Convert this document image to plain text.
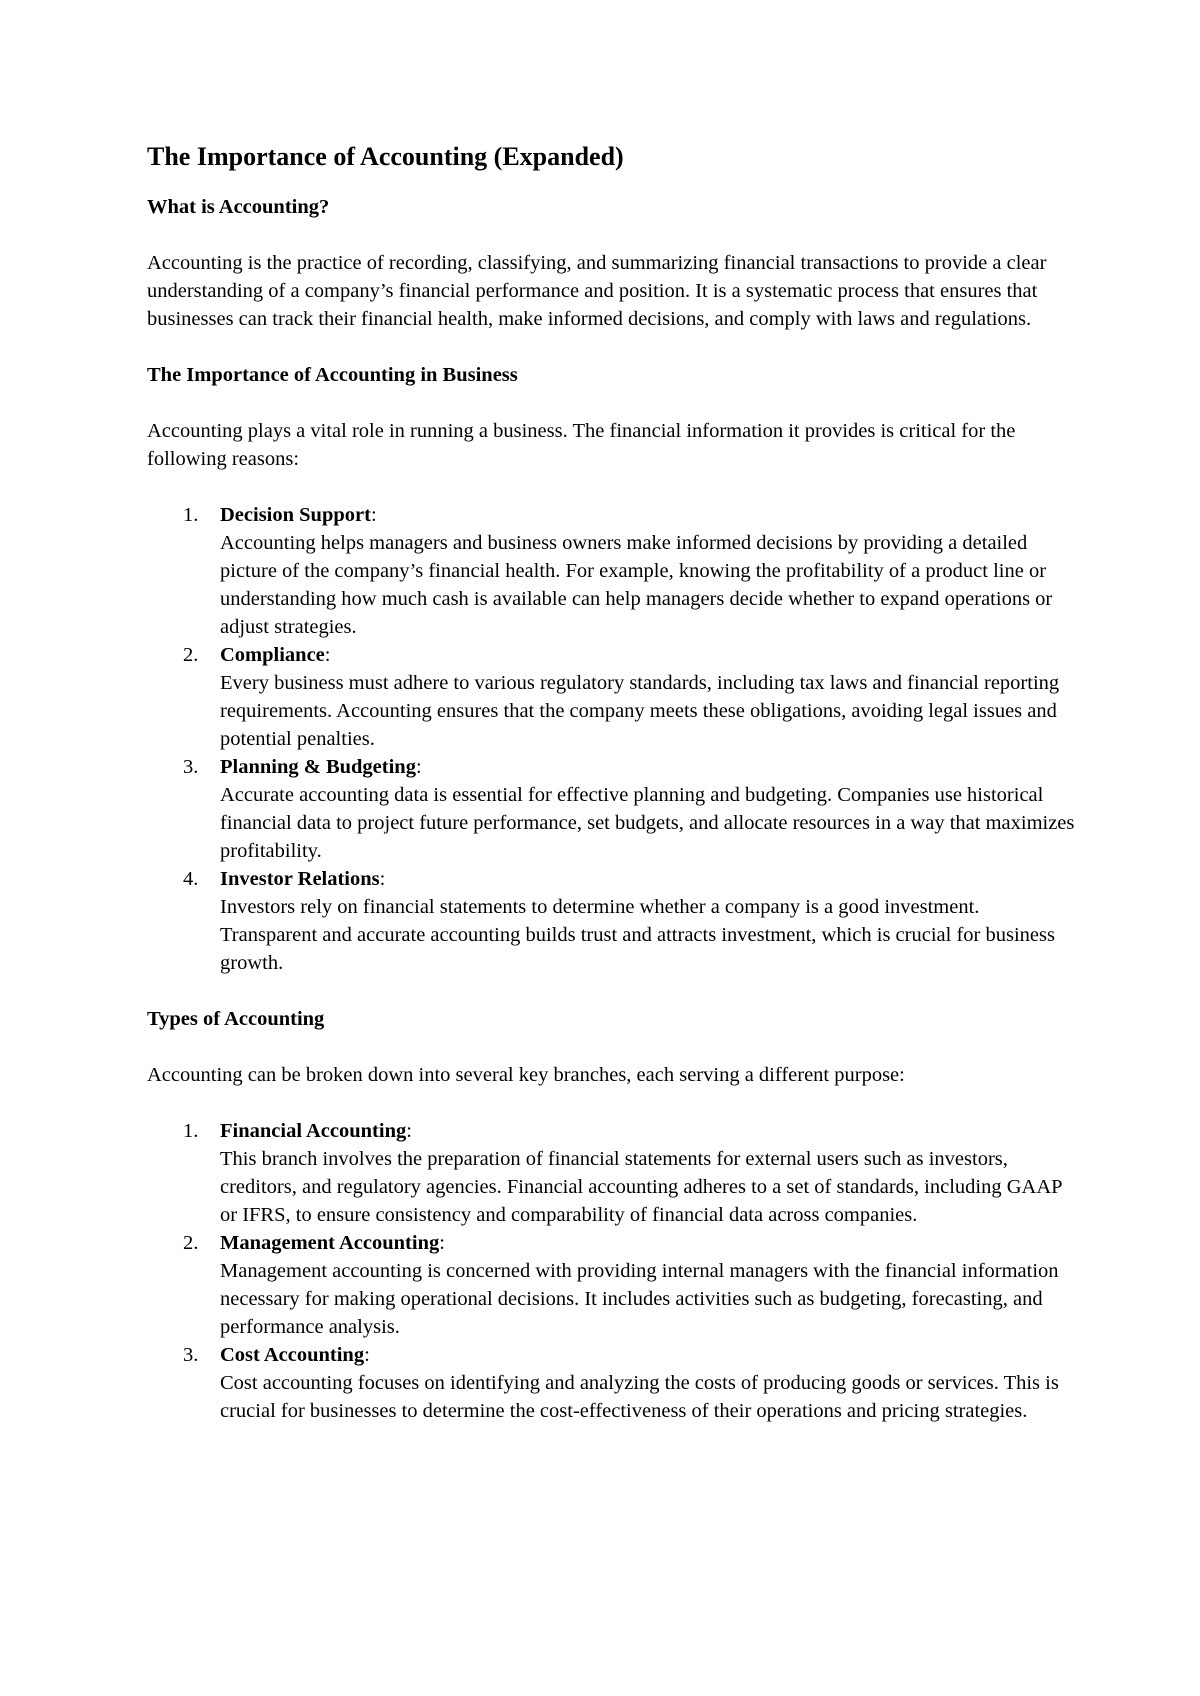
The Importance of Accounting (Expanded)
What is Accounting?

Accounting is the practice of recording, classifying, and summarizing financial transactions to provide a clear understanding of a company’s financial performance and position. It is a systematic process that ensures that businesses can track their financial health, make informed decisions, and comply with laws and regulations.

The Importance of Accounting in Business

Accounting plays a vital role in running a business. The financial information it provides is critical for the following reasons:

1. Decision Support:
Accounting helps managers and business owners make informed decisions by providing a detailed picture of the company’s financial health. For example, knowing the profitability of a product line or understanding how much cash is available can help managers decide whether to expand operations or adjust strategies.
2. Compliance:
Every business must adhere to various regulatory standards, including tax laws and financial reporting requirements. Accounting ensures that the company meets these obligations, avoiding legal issues and potential penalties.
3. Planning & Budgeting:
Accurate accounting data is essential for effective planning and budgeting. Companies use historical financial data to project future performance, set budgets, and allocate resources in a way that maximizes profitability.
4. Investor Relations:
Investors rely on financial statements to determine whether a company is a good investment. Transparent and accurate accounting builds trust and attracts investment, which is crucial for business growth.
Types of Accounting

Accounting can be broken down into several key branches, each serving a different purpose:

1. Financial Accounting:
This branch involves the preparation of financial statements for external users such as investors, creditors, and regulatory agencies. Financial accounting adheres to a set of standards, including GAAP or IFRS, to ensure consistency and comparability of financial data across companies.
2. Management Accounting:
Management accounting is concerned with providing internal managers with the financial information necessary for making operational decisions. It includes activities such as budgeting, forecasting, and performance analysis.
3. Cost Accounting:
Cost accounting focuses on identifying and analyzing the costs of producing goods or services. This is crucial for businesses to determine the cost-effectiveness of their operations and pricing strategies.
